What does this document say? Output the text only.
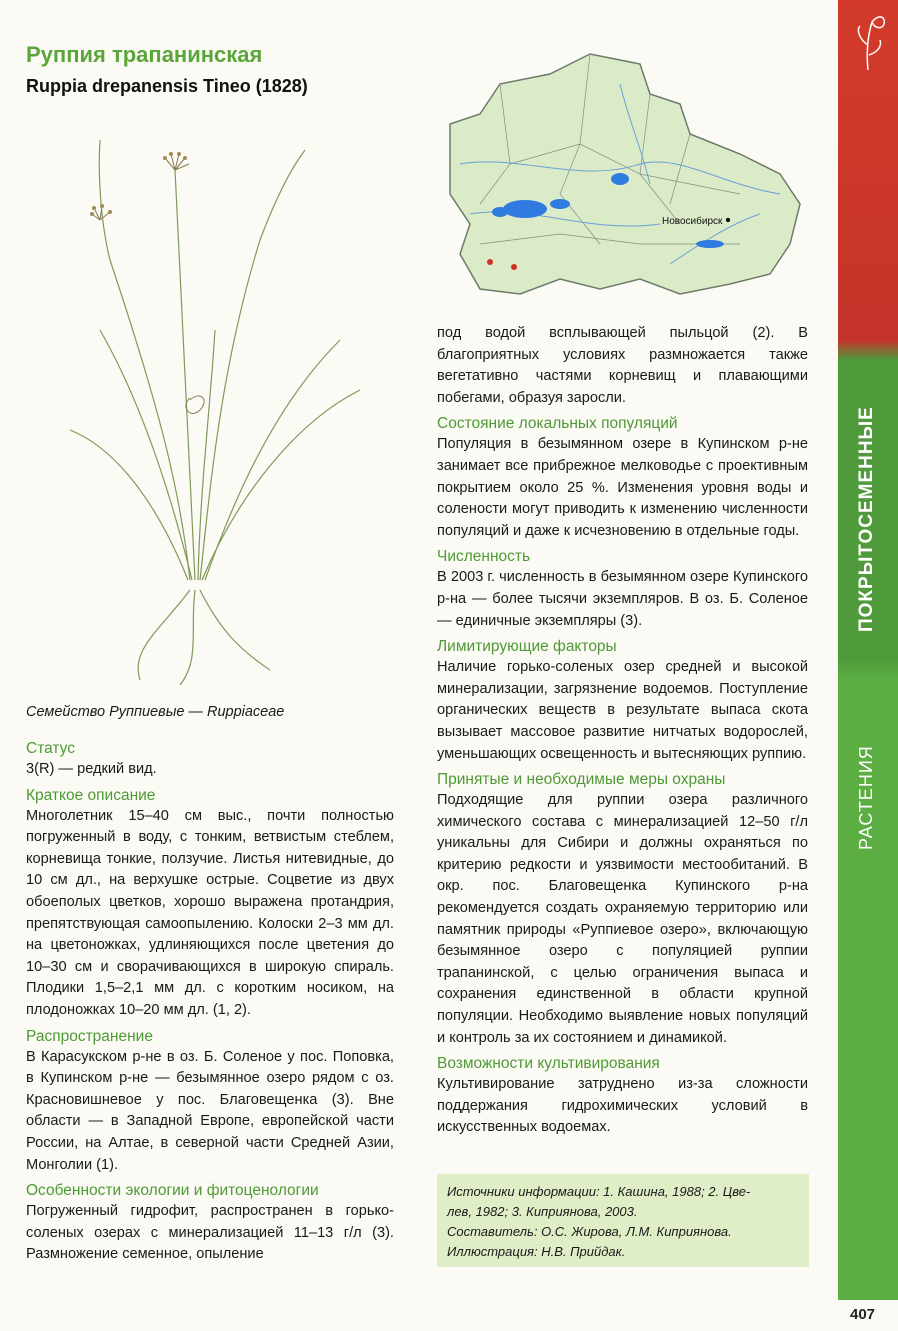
Руппия трапанинская
Ruppia drepanensis Tineo (1828)
Семейство Руппиевые — Ruppiaceae
Статус

3(R) — редкий вид.

Краткое описание

Многолетник 15–40 см выс., почти полностью погруженный в воду, с тонким, ветвистым стеблем, корневища тонкие, ползучие. Листья нитевидные, до 10 см дл., на верхушке острые. Соцветие из двух обоеполых цветков, хорошо выражена протандрия, препятствующая самоопылению. Колоски 2–3 мм дл. на цветоножках, удлиняющихся после цветения до 10–30 см и сворачивающихся в широкую спираль. Плодики 1,5–2,1 мм дл. с коротким носиком, на плодоножках 10–20 мм дл. (1, 2).

Распространение

В Карасукском р-не в оз. Б. Соленое у пос. Поповка, в Купинском р-не — безымянное озеро рядом с оз. Красновишневое у пос. Благовещенка (3). Вне области — в Западной Европе, европейской части России, на Алтае, в северной части Средней Азии, Монголии (1).

Особенности экологии и фитоценологии

Погруженный гидрофит, распространен в горько-соленых озерах с минерализацией 11–13 г/л (3). Размножение семенное, опыление

Новосибирск

под водой всплывающей пыльцой (2). В благоприятных условиях размножается также вегетативно частями корневищ и плавающими побегами, образуя заросли.

Состояние локальных популяций

Популяция в безымянном озере в Купинском р-не занимает все прибрежное мелководье с проективным покрытием около 25 %. Изменения уровня воды и солености могут приводить к изменению численности популяций и даже к исчезновению в отдельные годы.

Численность

В 2003 г. численность в безымянном озере Купинского р-на — более тысячи экземпляров. В оз. Б. Соленое — единичные экземпляры (3).

Лимитирующие факторы

Наличие горько-соленых озер средней и высокой минерализации, загрязнение водоемов. Поступление органических веществ в результате выпаса скота вызывает массовое развитие нитчатых водорослей, уменьшающих освещенность и вытесняющих руппию.

Принятые и необходимые меры охраны

Подходящие для руппии озера различного химического состава с минерализацией 12–50 г/л уникальны для Сибири и должны охраняться по критерию редкости и уязвимости местообитаний. В окр. пос. Благовещенка Купинского р-на рекомендуется создать охраняемую территорию или памятник природы «Руппиевое озеро», включающую безымянное озеро с популяцией руппии трапанинской, с целью ограничения выпаса и сохранения единственной в области крупной популяции. Необходимо выявление новых популяций и контроль за их состоянием и динамикой.

Возможности культивирования

Культивирование затруднено из-за сложности поддержания гидрохимических условий в искусственных водоемах.

Источники информации: 1. Кашина, 1988; 2. Цве-
лев, 1982; 3. Киприянова, 2003.
Составитель: О.С. Жирова, Л.М. Киприянова.
Иллюстрация: Н.В. Прийдак.
ПОКРЫТОСЕМЕННЫЕ
РАСТЕНИЯ
407
